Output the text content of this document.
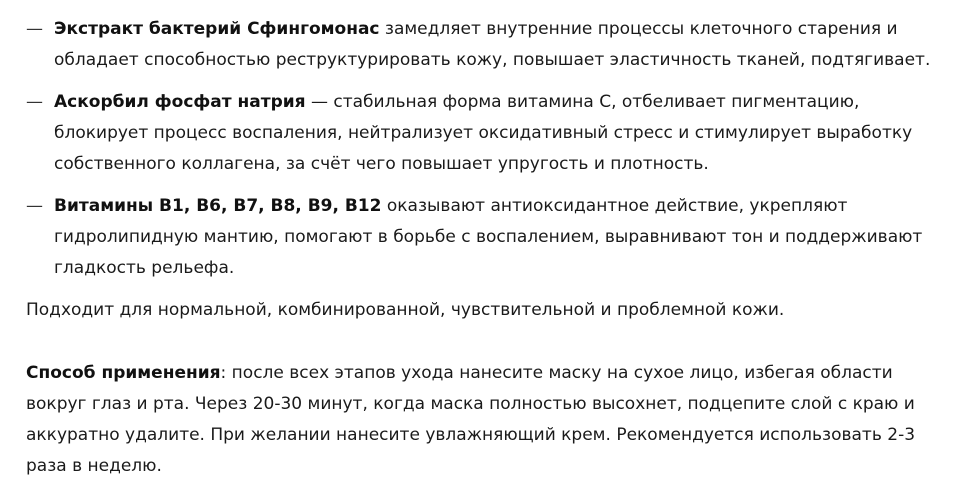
— Экстракт бактерий Сфингомонас замедляет внутренние процессы клеточного старения и обладает способностью реструктурировать кожу, повышает эластичность тканей, подтягивает.
— Аскорбил фосфат натрия — стабильная форма витамина С, отбеливает пигментацию, блокирует процесс воспаления, нейтрализует оксидативный стресс и стимулирует выработку собственного коллагена, за счёт чего повышает упругость и плотность.
— Витамины B1, B6, B7, B8, B9, B12 оказывают антиоксидантное действие, укрепляют гидролипидную мантию, помогают в борьбе с воспалением, выравнивают тон и поддерживают гладкость рельефа.

Подходит для нормальной, комбинированной, чувствительной и проблемной кожи.

Способ применения: после всех этапов ухода нанесите маску на сухое лицо, избегая области вокруг глаз и рта. Через 20-30 минут, когда маска полностью высохнет, подцепите слой с краю и аккуратно удалите. При желании нанесите увлажняющий крем. Рекомендуется использовать 2-3 раза в неделю.
